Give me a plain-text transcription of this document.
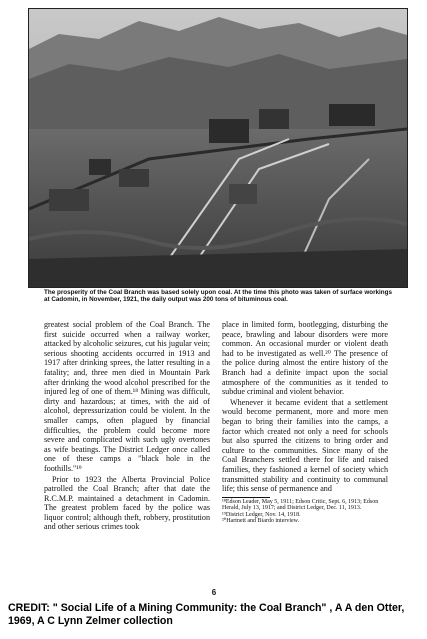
The prosperity of the Coal Branch was based solely upon coal. At the time this photo was taken of surface workings at Cadomin, in November, 1921, the daily output was 200 tons of bituminous coal.

greatest social problem of the Coal Branch. The first suicide occurred when a railway worker, attacked by alcoholic seizures, cut his jugular vein; serious shooting accidents occurred in 1913 and 1917 after drinking sprees, the latter resulting in a fatality; and, three men died in Mountain Park after drinking the wood alcohol prescribed for the injured leg of one of them.¹⁸ Mining was difficult, dirty and hazardous; at times, with the aid of alcohol, depressurization could be violent. In the smaller camps, often plagued by financial difficulties, the problem could become more severe and complicated with such ugly overtones as wife beatings. The District Ledger once called one of these camps a "black hole in the foothills."¹⁹

Prior to 1923 the Alberta Provincial Police patrolled the Coal Branch; after that date the R.C.M.P. maintained a detachment in Cadomin. The greatest problem faced by the police was liquor control; although theft, robbery, prostitution and other serious crimes took

place in limited form, bootlegging, disturbing the peace, brawling and labour disorders were more common. An occasional murder or violent death had to be investigated as well.²⁰ The presence of the police during almost the entire history of the Branch had a definite impact upon the social atmosphere of the communities as it tended to subdue criminal and violent behavior.

Whenever it became evident that a settlement would become permanent, more and more men began to bring their families into the camps, a factor which created not only a need for schools but also spurred the citizens to bring order and culture to the communities. Since many of the Coal Branchers settled there for life and raised families, they fashioned a kernel of society which transmitted stability and continuity to communal life; this sense of permanence and

¹⁸Edson Leader, May 5, 1911; Edson Critic, Sept. 6, 1913; Edson Herald, July 13, 1917; and District Ledger, Dec. 11, 1913.
¹⁹District Ledger, Nov. 14, 1918.
²⁰Hartnett and Biardo interview.
6
CREDIT: " Social Life of a Mining Community: the Coal Branch" , A A den Otter, 1969, A C Lynn Zelmer collection
